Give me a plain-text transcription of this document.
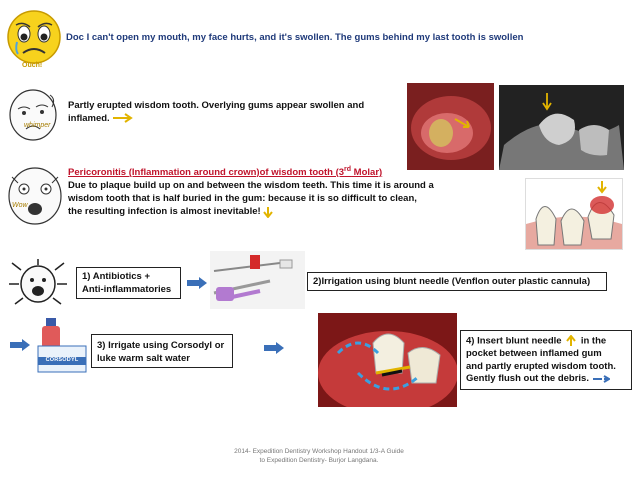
Ouch!
Doc I can't open my mouth, my face hurts, and it's swollen. The gums behind my last tooth is swollen
whimper
Partly erupted wisdom tooth. Overlying gums appear swollen and
inflamed.
Wow
Pericoronitis (Inflammation around crown)of wisdom tooth (3rd Molar)
Due to plaque build up on and between the wisdom teeth. This time it is around a
wisdom tooth that is half buried in the gum: because it is so difficult to clean,
the resulting infection is almost inevitable!
1) Antibiotics +
Anti-inflammatories
2)Irrigation using blunt needle (Venflon outer plastic cannula)
CORSODYL
3) Irrigate using Corsodyl or
luke warm salt water
4) Insert blunt needle in the
pocket between inflamed gum
and partly erupted wisdom tooth.
Gently flush out the debris.
2014- Expedition Dentistry Workshop Handout 1/3-A Guide
to Expedition Dentistry- Burjor Langdana.
